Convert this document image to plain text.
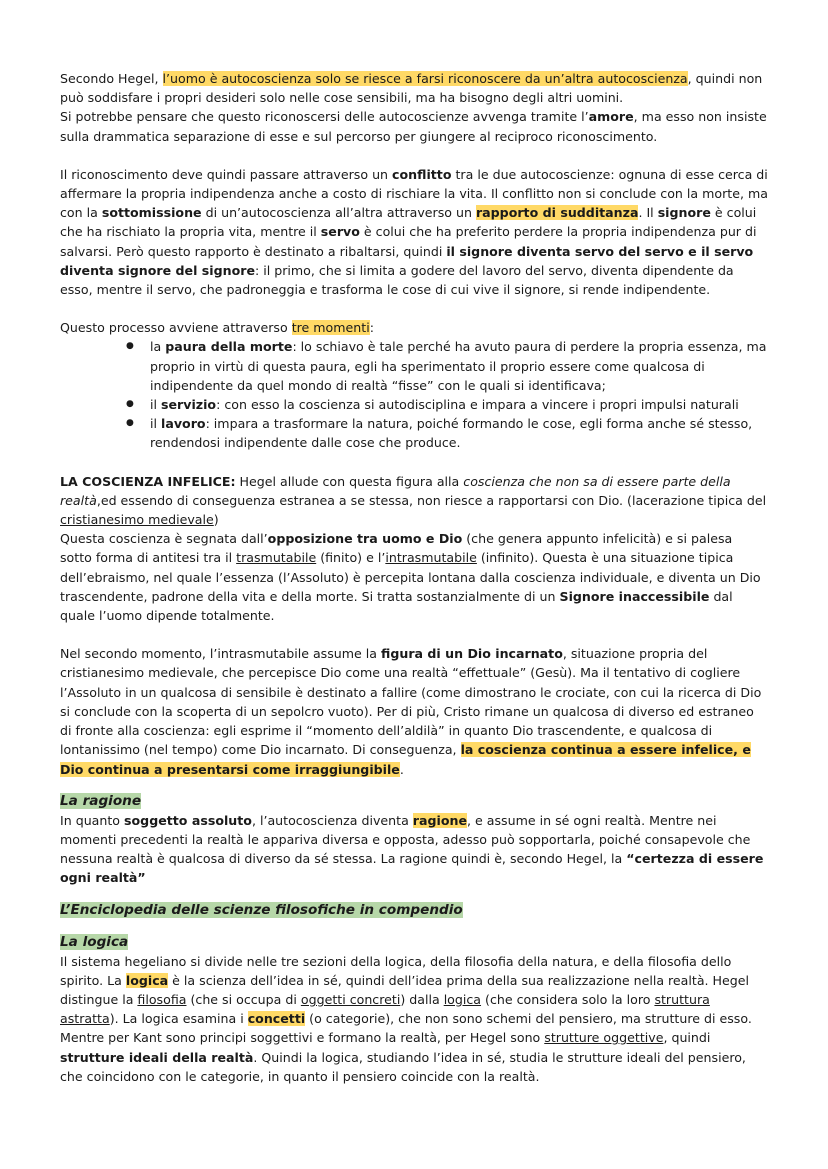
Secondo Hegel, l’uomo è autocoscienza solo se riesce a farsi riconoscere da un’altra autocoscienza, quindi non può soddisfare i propri desideri solo nelle cose sensibili, ma ha bisogno degli altri uomini.
Si potrebbe pensare che questo riconoscersi delle autocoscienze avvenga tramite l’amore, ma esso non insiste sulla drammatica separazione di esse e sul percorso per giungere al reciproco riconoscimento.

Il riconoscimento deve quindi passare attraverso un conflitto tra le due autocoscienze: ognuna di esse cerca di affermare la propria indipendenza anche a costo di rischiare la vita. Il conflitto non si conclude con la morte, ma con la sottomissione di un’autocoscienza all’altra attraverso un rapporto di sudditanza. Il signore è colui che ha rischiato la propria vita, mentre il servo è colui che ha preferito perdere la propria indipendenza pur di salvarsi. Però questo rapporto è destinato a ribaltarsi, quindi il signore diventa servo del servo e il servo diventa signore del signore: il primo, che si limita a godere del lavoro del servo, diventa dipendente da esso, mentre il servo, che padroneggia e trasforma le cose di cui vive il signore, si rende indipendente.

Questo processo avviene attraverso tre momenti:

● la paura della morte: lo schiavo è tale perché ha avuto paura di perdere la propria essenza, ma proprio in virtù di questa paura, egli ha sperimentato il proprio essere come qualcosa di indipendente da quel mondo di realtà “fisse” con le quali si identificava;
● il servizio: con esso la coscienza si autodisciplina e impara a vincere i propri impulsi naturali
● il lavoro: impara a trasformare la natura, poiché formando le cose, egli forma anche sé stesso, rendendosi indipendente dalle cose che produce.

LA COSCIENZA INFELICE: Hegel allude con questa figura alla coscienza che non sa di essere parte della realtà,ed essendo di conseguenza estranea a se stessa, non riesce a rapportarsi con Dio. (lacerazione tipica del cristianesimo medievale)
Questa coscienza è segnata dall’opposizione tra uomo e Dio (che genera appunto infelicità) e si palesa sotto forma di antitesi tra il trasmutabile (finito) e l’intrasmutabile (infinito). Questa è una situazione tipica dell’ebraismo, nel quale l’essenza (l’Assoluto) è percepita lontana dalla coscienza individuale, e diventa un Dio trascendente, padrone della vita e della morte. Si tratta sostanzialmente di un Signore inaccessibile dal quale l’uomo dipende totalmente.

Nel secondo momento, l’intrasmutabile assume la figura di un Dio incarnato, situazione propria del cristianesimo medievale, che percepisce Dio come una realtà “effettuale” (Gesù). Ma il tentativo di cogliere l’Assoluto in un qualcosa di sensibile è destinato a fallire (come dimostrano le crociate, con cui la ricerca di Dio si conclude con la scoperta di un sepolcro vuoto). Per di più, Cristo rimane un qualcosa di diverso ed estraneo di fronte alla coscienza: egli esprime il “momento dell’aldilà” in quanto Dio trascendente, e qualcosa di lontanissimo (nel tempo) come Dio incarnato. Di conseguenza, la coscienza continua a essere infelice, e Dio continua a presentarsi come irraggiungibile.

La ragione

In quanto soggetto assoluto, l’autocoscienza diventa ragione, e assume in sé ogni realtà. Mentre nei momenti precedenti la realtà le appariva diversa e opposta, adesso può sopportarla, poiché consapevole che nessuna realtà è qualcosa di diverso da sé stessa. La ragione quindi è, secondo Hegel, la “certezza di essere ogni realtà”

L’Enciclopedia delle scienze filosofiche in compendio
La logica

Il sistema hegeliano si divide nelle tre sezioni della logica, della filosofia della natura, e della filosofia dello spirito. La logica è la scienza dell’idea in sé, quindi dell’idea prima della sua realizzazione nella realtà. Hegel distingue la filosofia (che si occupa di oggetti concreti) dalla logica (che considera solo la loro struttura astratta). La logica esamina i concetti (o categorie), che non sono schemi del pensiero, ma strutture di esso. Mentre per Kant sono principi soggettivi e formano la realtà, per Hegel sono strutture oggettive, quindi strutture ideali della realtà. Quindi la logica, studiando l’idea in sé, studia le strutture ideali del pensiero, che coincidono con le categorie, in quanto il pensiero coincide con la realtà.
